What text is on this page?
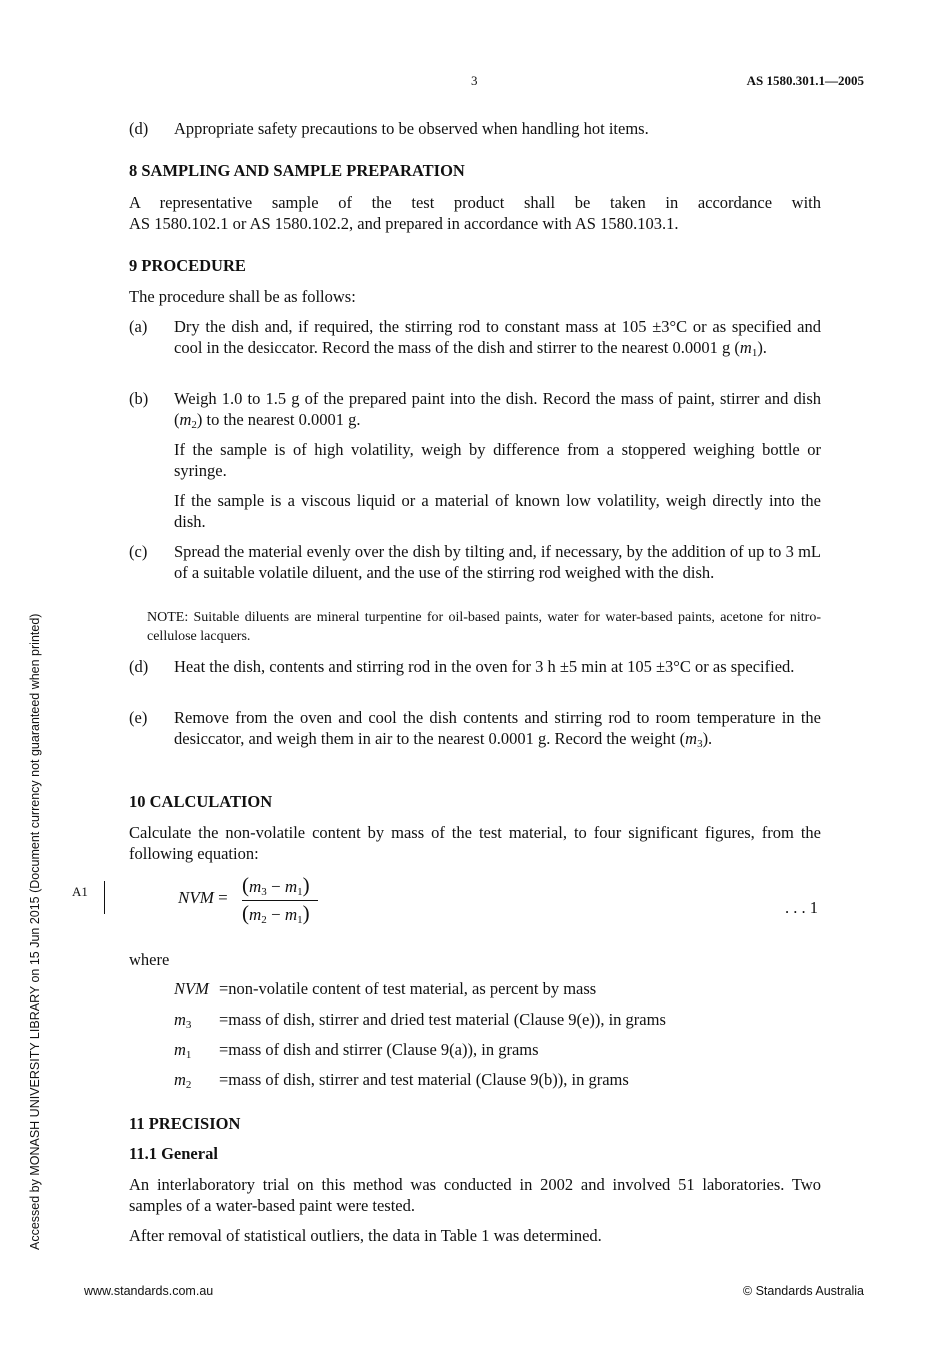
3	AS 1580.301.1—2005
(d) Appropriate safety precautions to be observed when handling hot items.
8 SAMPLING AND SAMPLE PREPARATION
A representative sample of the test product shall be taken in accordance with
AS 1580.102.1 or AS 1580.102.2, and prepared in accordance with AS 1580.103.1.
9 PROCEDURE
The procedure shall be as follows:
(a) Dry the dish and, if required, the stirring rod to constant mass at 105 ±3°C or as specified and cool in the desiccator. Record the mass of the dish and stirrer to the nearest 0.0001 g $(m_1)$.
(b) Weigh 1.0 to 1.5 g of the prepared paint into the dish. Record the mass of paint, stirrer and dish $(m_2)$ to the nearest 0.0001 g.
If the sample is of high volatility, weigh by difference from a stoppered weighing bottle or syringe.
If the sample is a viscous liquid or a material of known low volatility, weigh directly into the dish.
(c) Spread the material evenly over the dish by tilting and, if necessary, by the addition of up to 3 mL of a suitable volatile diluent, and the use of the stirring rod weighed with the dish.
NOTE: Suitable diluents are mineral turpentine for oil-based paints, water for water-based paints, acetone for nitro-cellulose lacquers.
(d) Heat the dish, contents and stirring rod in the oven for 3 h ±5 min at 105 ±3°C or as specified.
(e) Remove from the oven and cool the dish contents and stirring rod to room temperature in the desiccator, and weigh them in air to the nearest 0.0001 g. Record the weight $(m_3)$.
10 CALCULATION
Calculate the non-volatile content by mass of the test material, to four significant figures, from the following equation:
A1	NVM =
$(m_3 - m_1)$
$(m_2 - m_1)$	. . . 1
where
NVM =non-volatile content of test material, as percent by mass
$m_3$ =mass of dish, stirrer and dried test material (Clause 9(e)), in grams
$m_1$ =mass of dish and stirrer (Clause 9(a)), in grams
$m_2$ =mass of dish, stirrer and test material (Clause 9(b)), in grams
11 PRECISION
11.1 General
An interlaboratory trial on this method was conducted in 2002 and involved 51 laboratories. Two samples of a water-based paint were tested.
After removal of statistical outliers, the data in Table 1 was determined.
Accessed by MONASH UNIVERSITY LIBRARY on 15 Jun 2015 (Document currency not guaranteed when printed)
www.standards.com.au	© Standards Australia
